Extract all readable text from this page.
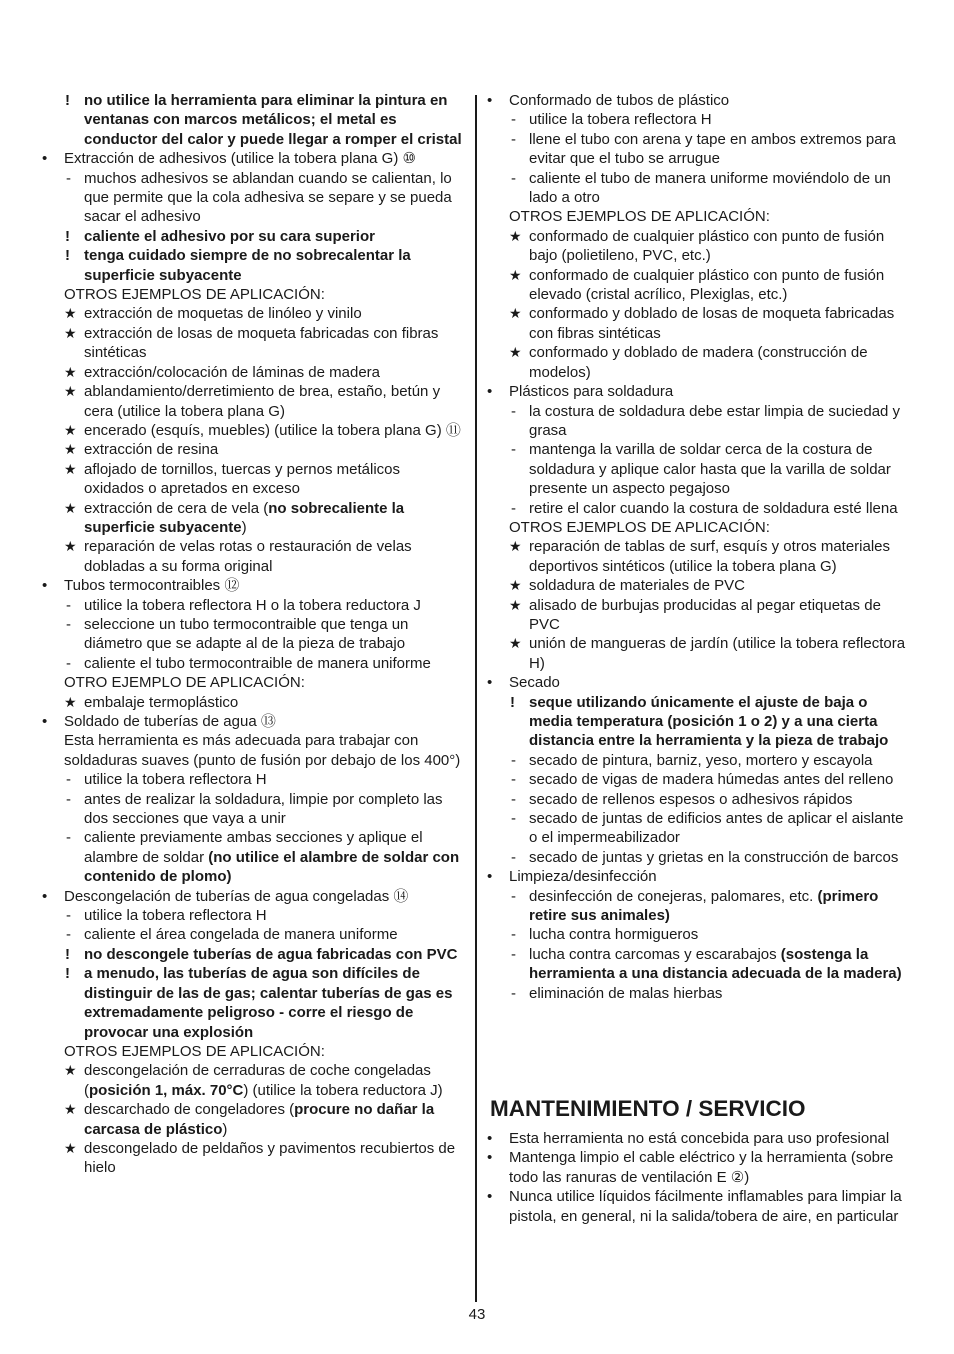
! no utilice la herramienta para eliminar la pintura en ventanas con marcos metálicos; el metal es conductor del calor y puede llegar a romper el cristal
• Extracción de adhesivos (utilice la tobera plana G) ⑩
- muchos adhesivos se ablandan cuando se calientan, lo que permite que la cola adhesiva se separe y se pueda sacar el adhesivo
! caliente el adhesivo por su cara superior
! tenga cuidado siempre de no sobrecalentar la superficie subyacente
OTROS EJEMPLOS DE APLICACIÓN:
★ extracción de moquetas de linóleo y vinilo
★ extracción de losas de moqueta fabricadas con fibras sintéticas
★ extracción/colocación de láminas de madera
★ ablandamiento/derretimiento de brea, estaño, betún y cera (utilice la tobera plana G)
★ encerado (esquís, muebles) (utilice la tobera plana G) ⑪
★ extracción de resina
★ aflojado de tornillos, tuercas y pernos metálicos oxidados o apretados en exceso
★ extracción de cera de vela (no sobrecaliente la superficie subyacente)
★ reparación de velas rotas o restauración de velas dobladas a su forma original
• Tubos termocontraibles ⑫
- utilice la tobera reflectora H o la tobera reductora J
- seleccione un tubo termocontraible que tenga un diámetro que se adapte al de la pieza de trabajo
- caliente el tubo termocontraible de manera uniforme
OTRO EJEMPLO DE APLICACIÓN:
★ embalaje termoplástico
• Soldado de tuberías de agua ⑬
Esta herramienta es más adecuada para trabajar con soldaduras suaves (punto de fusión por debajo de los 400°)
- utilice la tobera reflectora H
- antes de realizar la soldadura, limpie por completo las dos secciones que vaya a unir
- caliente previamente ambas secciones y aplique el alambre de soldar (no utilice el alambre de soldar con contenido de plomo)
• Descongelación de tuberías de agua congeladas ⑭
- utilice la tobera reflectora H
- caliente el área congelada de manera uniforme
! no descongele tuberías de agua fabricadas con PVC
! a menudo, las tuberías de agua son difíciles de distinguir de las de gas; calentar tuberías de gas es extremadamente peligroso - corre el riesgo de provocar una explosión
OTROS EJEMPLOS DE APLICACIÓN:
★ descongelación de cerraduras de coche congeladas (posición 1, máx. 70°C) (utilice la tobera reductora J)
★ descarchado de congeladores (procure no dañar la carcasa de plástico)
★ descongelado de peldaños y pavimentos recubiertos de hielo
• Conformado de tubos de plástico
- utilice la tobera reflectora H
- llene el tubo con arena y tape en ambos extremos para evitar que el tubo se arrugue
- caliente el tubo de manera uniforme moviéndolo de un lado a otro
OTROS EJEMPLOS DE APLICACIÓN:
★ conformado de cualquier plástico con punto de fusión bajo (polietileno, PVC, etc.)
★ conformado de cualquier plástico con punto de fusión elevado (cristal acrílico, Plexiglas, etc.)
★ conformado y doblado de losas de moqueta fabricadas con fibras sintéticas
★ conformado y doblado de madera (construcción de modelos)
• Plásticos para soldadura
- la costura de soldadura debe estar limpia de suciedad y grasa
- mantenga la varilla de soldar cerca de la costura de soldadura y aplique calor hasta que la varilla de soldar presente un aspecto pegajoso
- retire el calor cuando la costura de soldadura esté llena
OTROS EJEMPLOS DE APLICACIÓN:
★ reparación de tablas de surf, esquís y otros materiales deportivos sintéticos (utilice la tobera plana G)
★ soldadura de materiales de PVC
★ alisado de burbujas producidas al pegar etiquetas de PVC
★ unión de mangueras de jardín (utilice la tobera reflectora H)
• Secado
! seque utilizando únicamente el ajuste de baja o media temperatura (posición 1 o 2) y a una cierta distancia entre la herramienta y la pieza de trabajo
- secado de pintura, barniz, yeso, mortero y escayola
- secado de vigas de madera húmedas antes del relleno
- secado de rellenos espesos o adhesivos rápidos
- secado de juntas de edificios antes de aplicar el aislante o el impermeabilizador
- secado de juntas y grietas en la construcción de barcos
• Limpieza/desinfección
- desinfección de conejeras, palomares, etc. (primero retire sus animales)
- lucha contra hormigueros
- lucha contra carcomas y escarabajos (sostenga la herramienta a una distancia adecuada de la madera)
- eliminación de malas hierbas
MANTENIMIENTO / SERVICIO
• Esta herramienta no está concebida para uso profesional
• Mantenga limpio el cable eléctrico y la herramienta (sobre todo las ranuras de ventilación E ②)
• Nunca utilice líquidos fácilmente inflamables para limpiar la pistola, en general, ni la salida/tobera de aire, en particular
43
